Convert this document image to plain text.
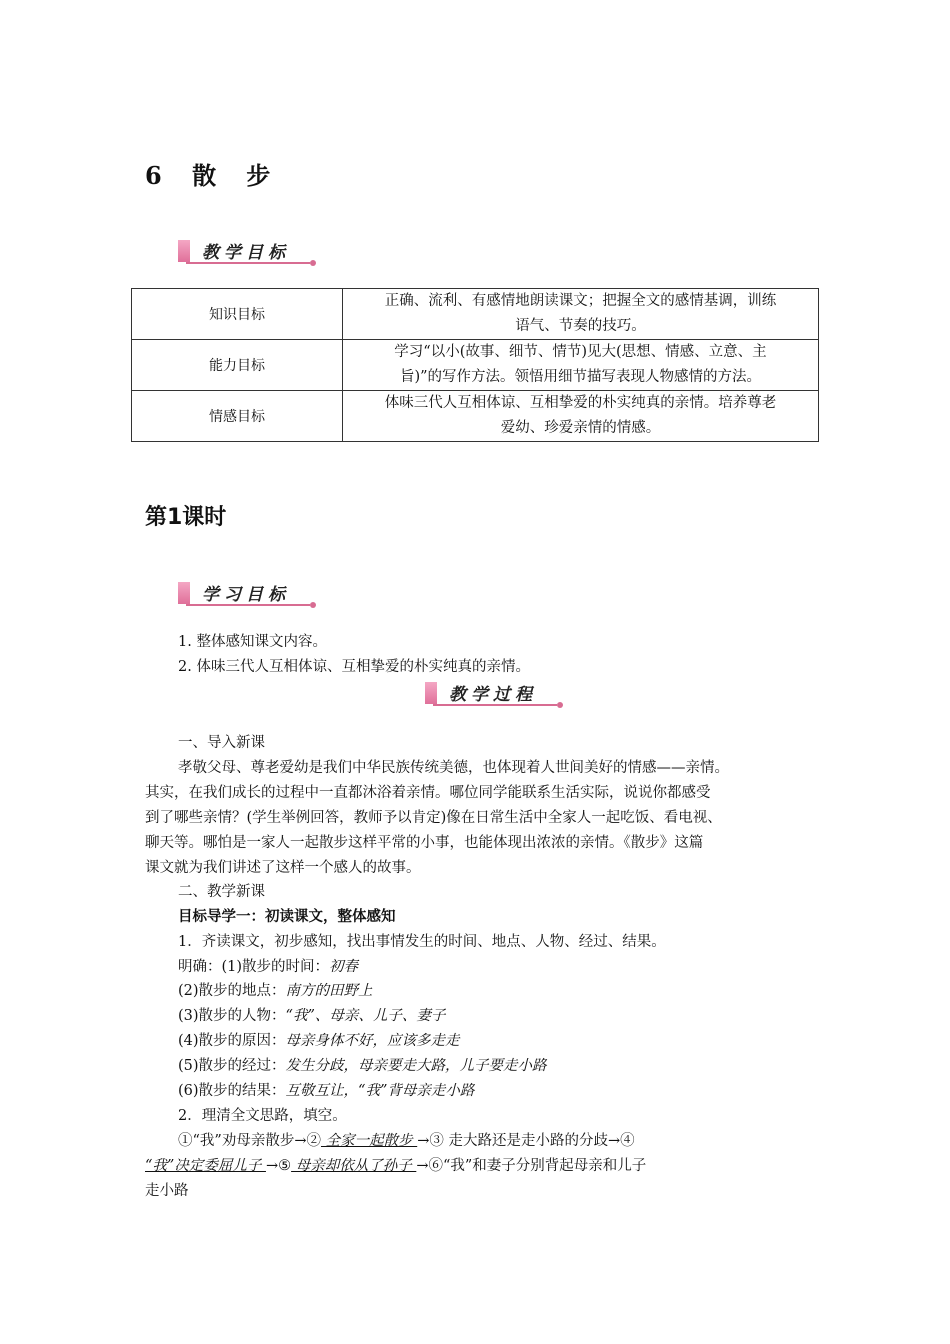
6 散 步
教学目标
知识目标	正确、流利、有感情地朗读课文；把握全文的感情基调，训练
语气、节奏的技巧。
能力目标	学习“以小(故事、细节、情节)见大(思想、情感、立意、主
旨)”的写作方法。领悟用细节描写表现人物感情的方法。
情感目标	体味三代人互相体谅、互相挚爱的朴实纯真的亲情。培养尊老
爱幼、珍爱亲情的情感。
第1课时
学习目标
1. 整体感知课文内容。
2. 体味三代人互相体谅、互相挚爱的朴实纯真的亲情。
教学过程
一、导入新课
孝敬父母、尊老爱幼是我们中华民族传统美德，也体现着人世间美好的情感——亲情。
其实，在我们成长的过程中一直都沐浴着亲情。哪位同学能联系生活实际，说说你都感受
到了哪些亲情？(学生举例回答，教师予以肯定)像在日常生活中全家人一起吃饭、看电视、
聊天等。哪怕是一家人一起散步这样平常的小事，也能体现出浓浓的亲情。《散步》这篇
课文就为我们讲述了这样一个感人的故事。
二、教学新课
目标导学一：初读课文，整体感知
1．齐读课文，初步感知，找出事情发生的时间、地点、人物、经过、结果。
明确：(1)散步的时间：初春
(2)散步的地点：南方的田野上
(3)散步的人物：“我”、母亲、儿子、妻子
(4)散步的原因：母亲身体不好，应该多走走
(5)散步的经过：发生分歧，母亲要走大路，儿子要走小路
(6)散步的结果：互敬互让，“我”背母亲走小路
2．理清全文思路，填空。
①“我”劝母亲散步→② 全家一起散步 →③ 走大路还是走小路的分歧→④
“我”决定委屈儿子 →⑤ 母亲却依从了孙子 →⑥“我”和妻子分别背起母亲和儿子
走小路
